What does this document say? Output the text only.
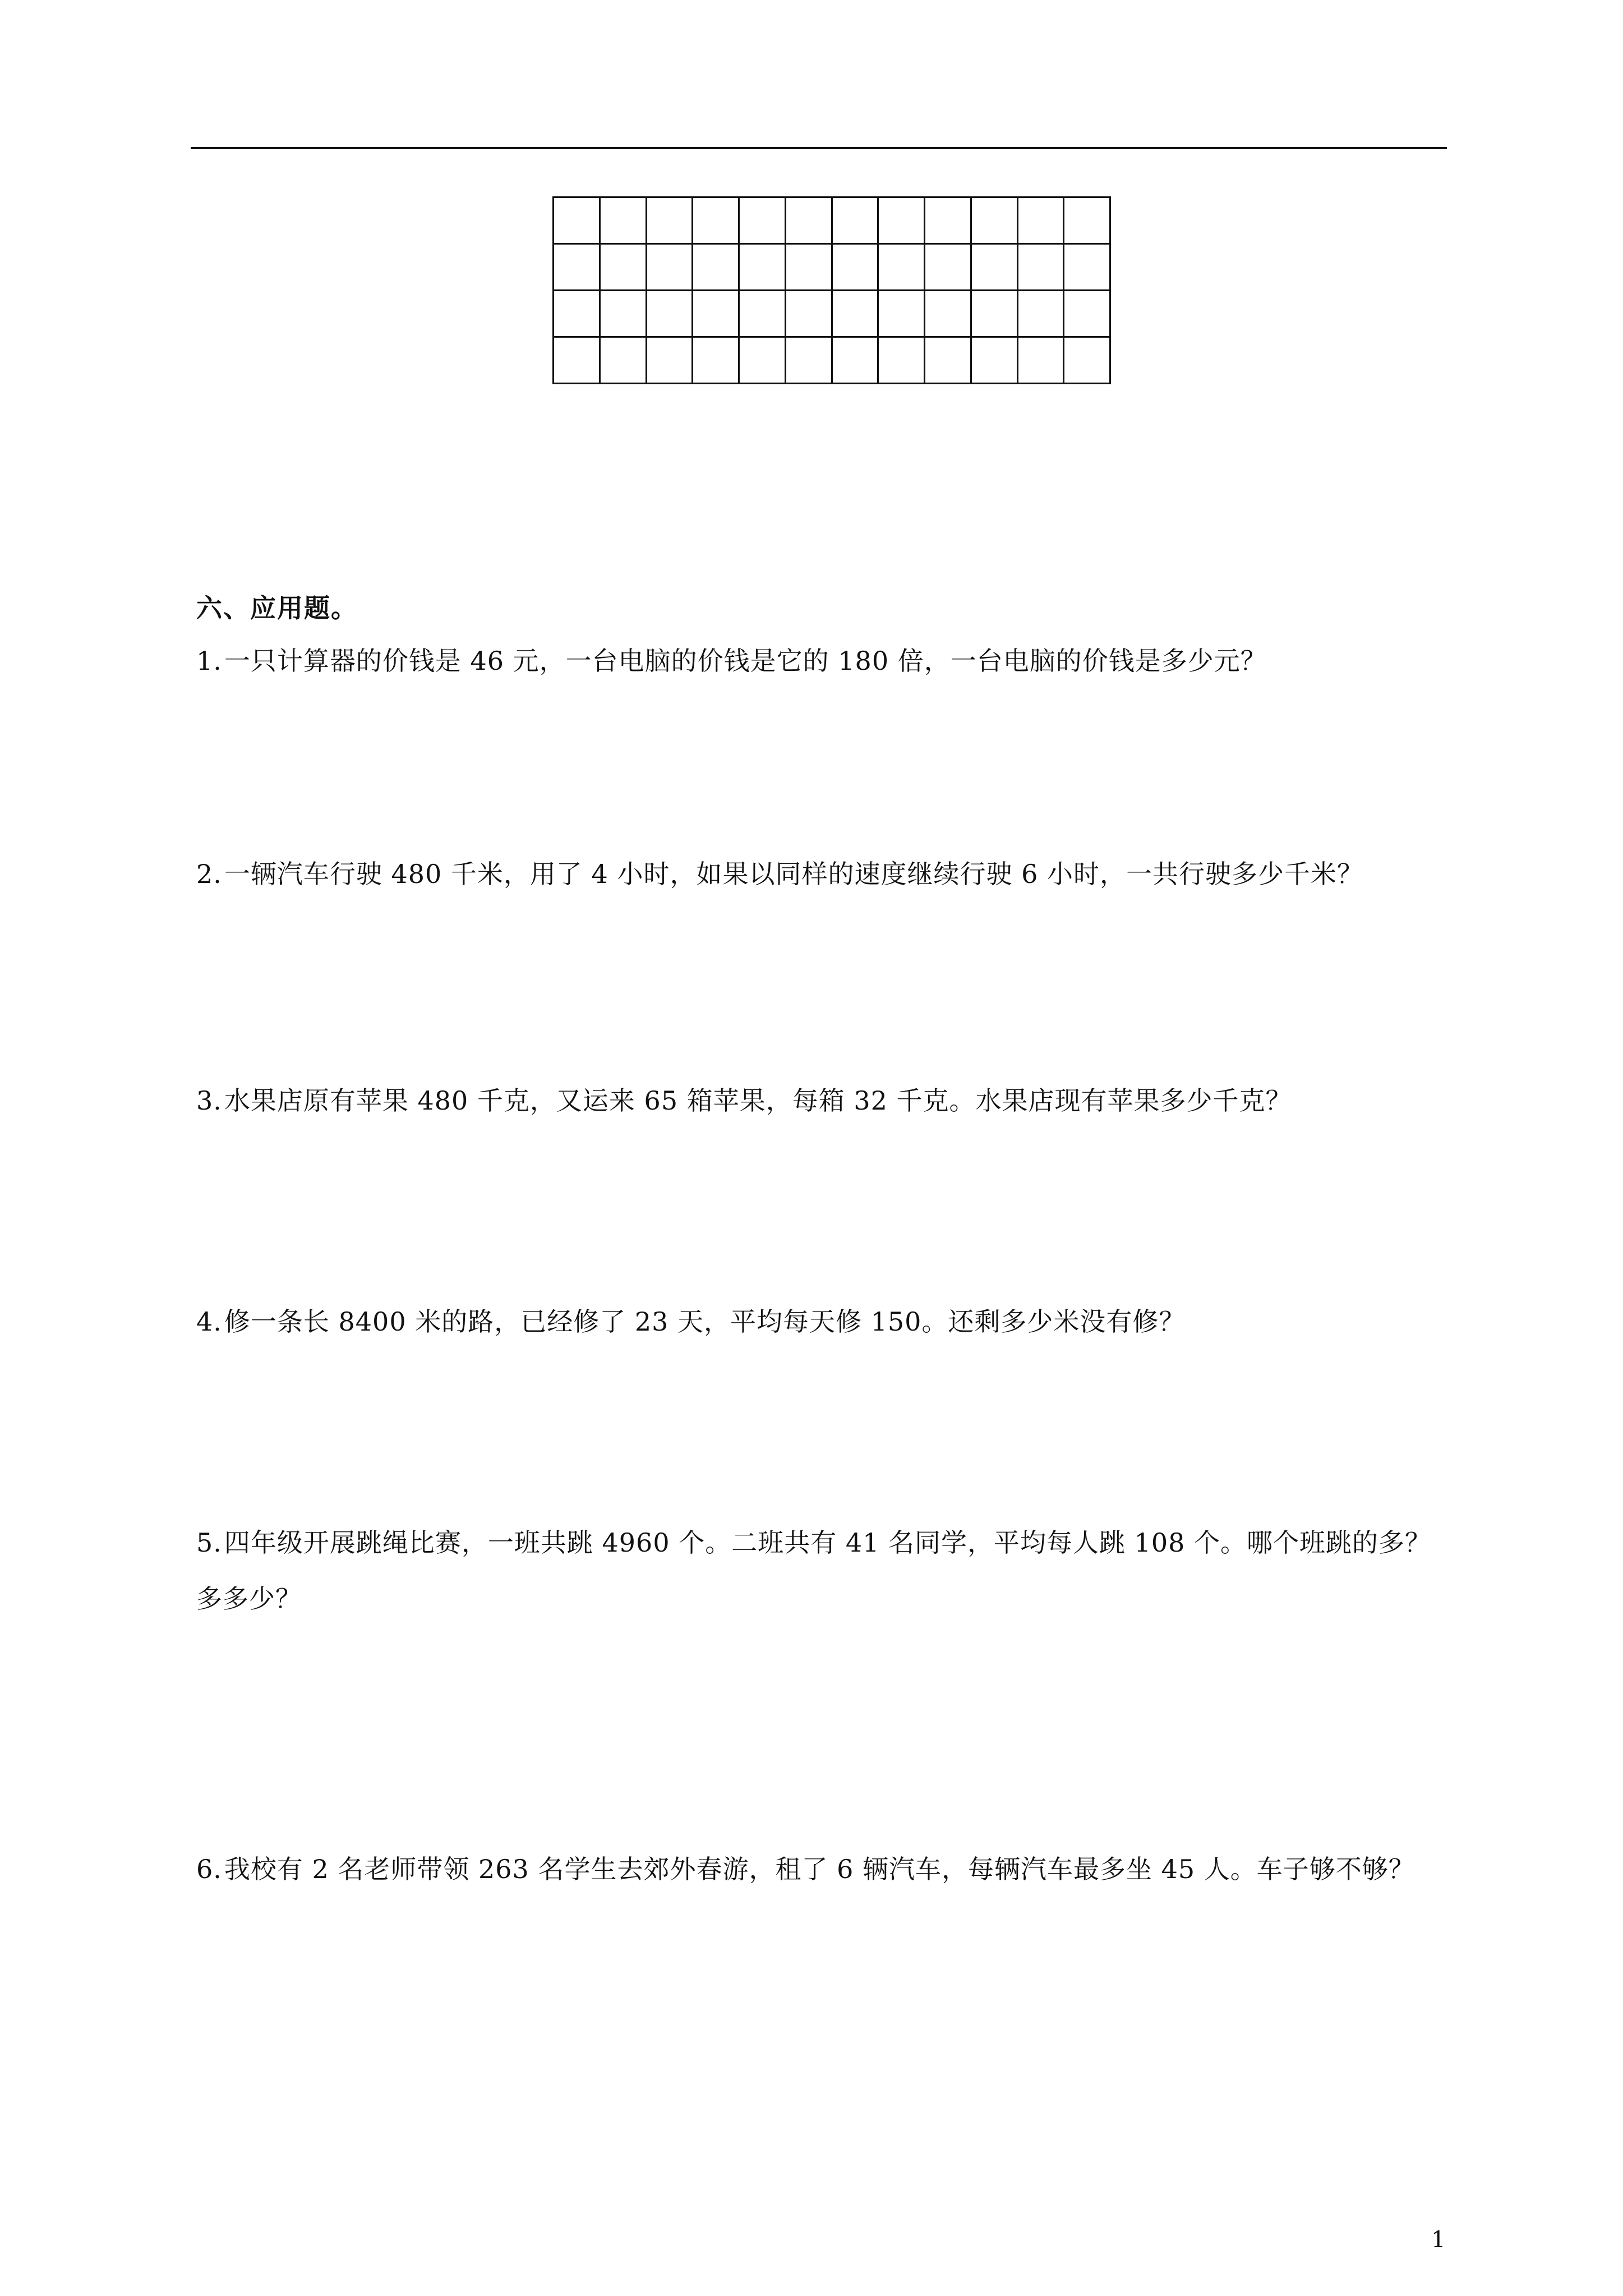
六、应用题。

1.一只计算器的价钱是 46 元，一台电脑的价钱是它的 180 倍，一台电脑的价钱是多少元？

2.一辆汽车行驶 480 千米，用了 4 小时，如果以同样的速度继续行驶 6 小时，一共行驶多少千米？

3.水果店原有苹果 480 千克，又运来 65 箱苹果，每箱 32 千克。水果店现有苹果多少千克？

4.修一条长 8400 米的路，已经修了 23 天，平均每天修 150。还剩多少米没有修？

5.四年级开展跳绳比赛，一班共跳 4960 个。二班共有 41 名同学，平均每人跳 108 个。哪个班跳的多？多多少？

6.我校有 2 名老师带领 263 名学生去郊外春游，租了 6 辆汽车，每辆汽车最多坐 45 人。车子够不够？

1
